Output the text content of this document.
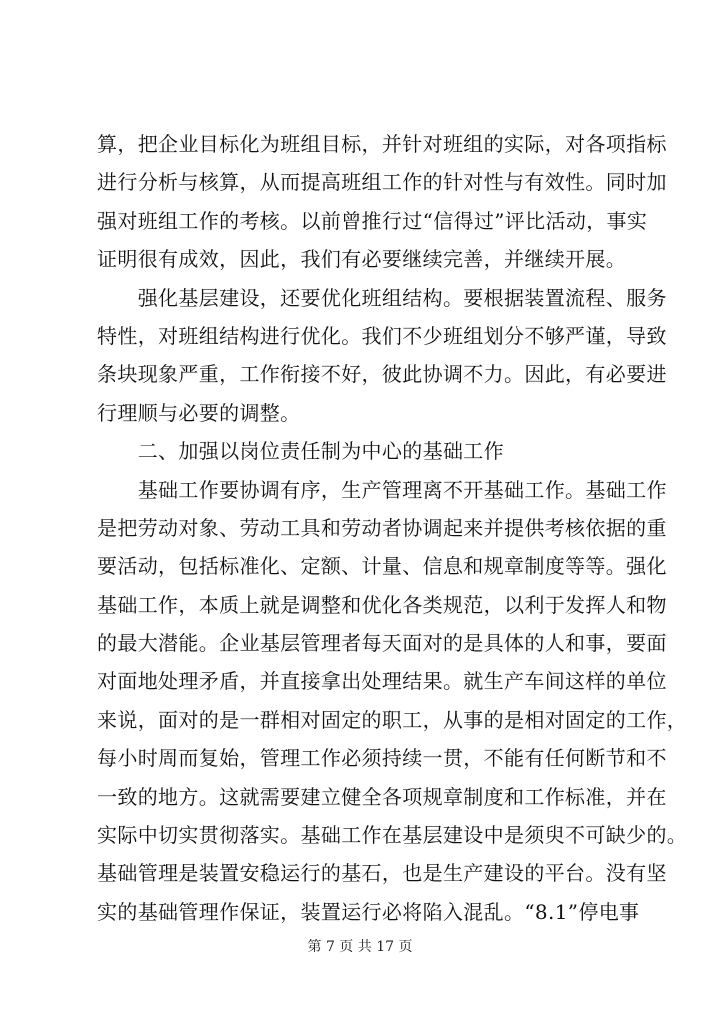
算，把企业目标化为班组目标，并针对班组的实际，对各项指标
进行分析与核算，从而提高班组工作的针对性与有效性。同时加
强对班组工作的考核。以前曾推行过“信得过”评比活动，事实
证明很有成效，因此，我们有必要继续完善，并继续开展。
　　强化基层建设，还要优化班组结构。要根据装置流程、服务
特性，对班组结构进行优化。我们不少班组划分不够严谨，导致
条块现象严重，工作衔接不好，彼此协调不力。因此，有必要进
行理顺与必要的调整。
　　二、加强以岗位责任制为中心的基础工作
　　基础工作要协调有序，生产管理离不开基础工作。基础工作
是把劳动对象、劳动工具和劳动者协调起来并提供考核依据的重
要活动，包括标准化、定额、计量、信息和规章制度等等。强化
基础工作，本质上就是调整和优化各类规范，以利于发挥人和物
的最大潜能。企业基层管理者每天面对的是具体的人和事，要面
对面地处理矛盾，并直接拿出处理结果。就生产车间这样的单位
来说，面对的是一群相对固定的职工，从事的是相对固定的工作，
每小时周而复始，管理工作必须持续一贯，不能有任何断节和不
一致的地方。这就需要建立健全各项规章制度和工作标准，并在
实际中切实贯彻落实。基础工作在基层建设中是须臾不可缺少的。
基础管理是装置安稳运行的基石，也是生产建设的平台。没有坚
实的基础管理作保证，装置运行必将陷入混乱。“8.1”停电事
第 7 页 共 17 页
